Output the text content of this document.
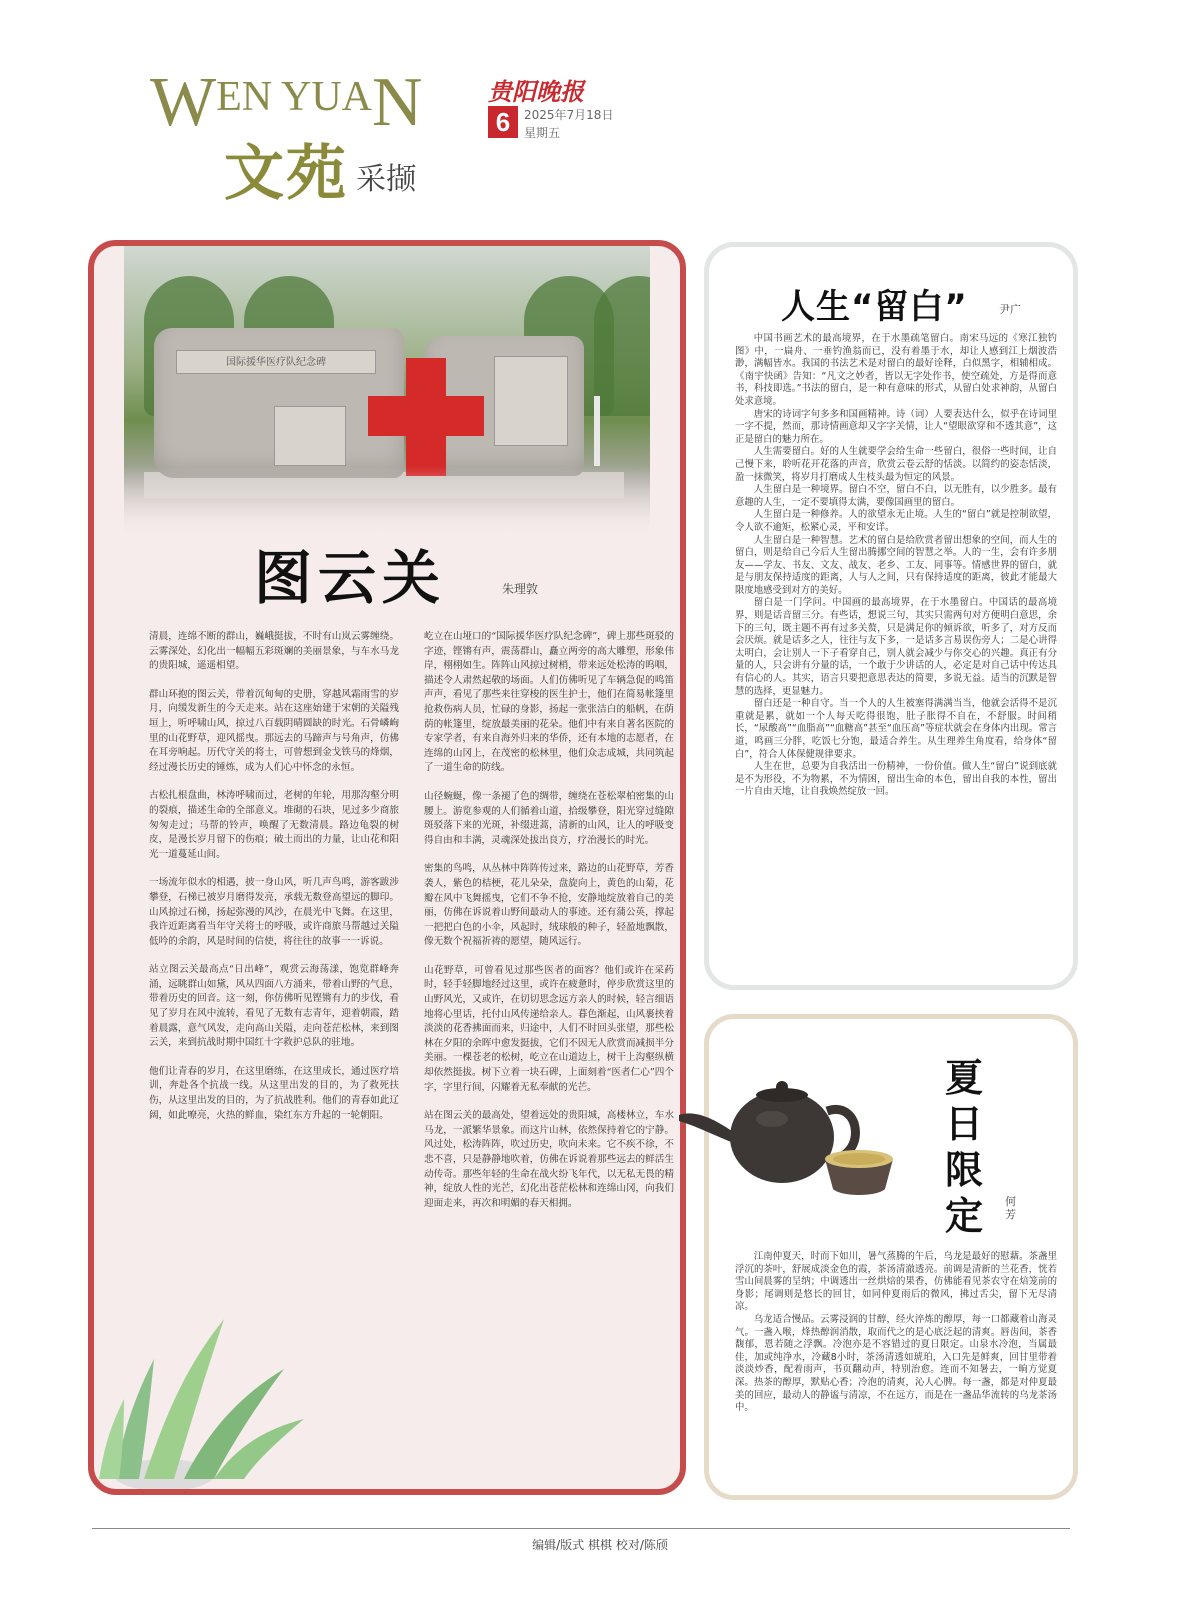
WEN YUAN
文苑 采撷
贵阳晚报
6	2025年7月18日
星期五
国际援华医疗队纪念碑
图云关	朱理敦

清晨，连绵不断的群山，巍峨挺拔，不时有山岚云雾缠绕。云雾深处，幻化出一幅幅五彩斑斓的美丽景象，与车水马龙的贵阳城，遥遥相望。

群山环抱的图云关，带着沉甸甸的史册，穿越风霜雨雪的岁月，向缓发新生的今天走来。站在这座始建于宋朝的关隘残垣上，听呼啸山风，掠过八百载阴晴圆缺的时光。石骨嶙峋里的山花野草，迎风摇曳。那远去的马蹄声与号角声，仿佛在耳旁响起。历代守关的将士，可曾想到金戈铁马的烽烟，经过漫长历史的锤炼，成为人们心中怀念的永恒。

古松扎根盘曲，林涛呼啸而过，老树的年轮，用那沟壑分明的裂痕，描述生命的全部意义。堆砌的石块，见过多少商旅匆匆走过；马帮的铃声，唤醒了无数清晨。路边龟裂的树皮，是漫长岁月留下的伤痕；破土而出的力量，让山花和阳光一道蔓延山间。

一场流年似水的相遇，披一身山风，听几声鸟鸣，游客跋涉攀登，石梯已被岁月磨得发亮，承载无数登高望远的脚印。山风掠过石梯，扬起弥漫的风沙，在晨光中飞舞。在这里，我许近距离看当年守关将士的呼吸，或许商旅马帮越过关隘低吟的余韵，风是时间的信使，将往往的故事一一诉说。

站立图云关最高点“日出峰”，观赏云海荡漾，饱览群峰奔涌，远眺群山如黛，风从四面八方涌来，带着山野的气息，带着历史的回音。这一刻，你仿佛听见铿锵有力的步伐，看见了岁月在风中流转，看见了无数有志青年，迎着朝霞，踏着晨露，意气风发，走向高山关隘，走向苍茫松林，来到图云关，来到抗战时期中国红十字救护总队的驻地。

他们让青春的岁月，在这里磨练，在这里成长，通过医疗培训，奔赴各个抗战一线。从这里出发的目的，为了救死扶伤，从这里出发的目的，为了抗战胜利。他们的青春如此辽阔，如此嘹亮，火热的鲜血，染红东方升起的一轮朝阳。

屹立在山垭口的“国际援华医疗队纪念碑”，碑上那些斑驳的字迹，铿锵有声，震荡群山，矗立两旁的高大雕塑，形象伟岸，栩栩如生。阵阵山风掠过树梢，带来远处松涛的呜咽，描述令人肃然起敬的场面。人们仿佛听见了车辆急促的鸣笛声声，看见了那些来往穿梭的医生护士，他们在简易帐篷里抢救伤病人员，忙碌的身影，扬起一张张洁白的船帆，在荫荫的帐篷里，绽放最美丽的花朵。他们中有来自著名医院的专家学者，有来自海外归来的华侨，还有本地的志愿者，在连绵的山冈上，在茂密的松林里，他们众志成城，共同筑起了一道生命的防线。

山径蜿蜒，像一条褪了色的绸带，缠绕在苍松翠柏密集的山腰上。游览参观的人们循着山道，拾级攀登，阳光穿过缝隙斑驳落下来的光斑，补缀进蒿，清新的山风，让人的呼吸变得自由和丰满，灵魂深处拔出良方，疗治漫长的时光。

密集的鸟鸣，从丛林中阵阵传过来，路边的山花野草，芳香袭人，紫色的桔梗，花儿朵朵，盘旋向上，黄色的山菊，花瓣在风中飞舞摇曳，它们不争不抢，安静地绽放着自己的美丽，仿佛在诉说着山野间最动人的事迹。还有蒲公英，撑起一把把白色的小伞，风起时，绒球般的种子，轻盈地飘散，像无数个祝福祈祷的愿望，随风远行。

山花野草，可曾看见过那些医者的面容？他们或许在采药时，轻手轻脚地经过这里，或许在疲惫时，停步欣赏这里的山野风光，又或许，在切切思念远方亲人的时候，轻言细语地将心里话，托付山风传递给亲人。暮色渐起，山风裹挟着淡淡的花香拂面而来，归途中，人们不时回头张望，那些松林在夕阳的余晖中愈发挺拔，它们不因无人欣赏而减损半分美丽。一棵苍老的松树，屹立在山道边上，树干上沟壑纵横却依然挺拔。树下立着一块石碑，上面刻着“医者仁心”四个字，字里行间，闪耀着无私奉献的光芒。

站在图云关的最高处，望着远处的贵阳城，高楼林立，车水马龙，一派繁华景象。而这片山林，依然保持着它的宁静。风过处，松涛阵阵，吹过历史，吹向未来。它不疾不徐，不悲不喜，只是静静地吹着，仿佛在诉说着那些远去的鲜活生动传奇。那些年轻的生命在战火纷飞年代，以无私无畏的精神，绽放人性的光芒，幻化出苍茫松林和连绵山冈，向我们迎面走来，再次和明媚的春天相拥。

人生“留白”	尹广

中国书画艺术的最高境界，在于水墨疏笔留白。南宋马远的《寒江独钓图》中，一扁舟、一垂钓渔翁而已，没有着墨于水，却让人感到江上烟波浩渺，满幅皆水。我国的书法艺术是对留白的最好诠释，白似黑字，相辅相成。《南宇快函》告知：“凡文之妙者，皆以无字处作书，使空疏处，方是得而意书，科技即选。”书法的留白，是一种有意味的形式，从留白处求神韵，从留白处求意境。

唐宋的诗词字句多多和国画精神。诗（词）人要表达什么，似乎在诗词里一字不提，然而，那诗情画意却又字字关情，让人“望眼欲穿和不透其意”，这正是留白的魅力所在。

人生需要留白。好的人生就要学会给生命一些留白，很俗一些时间，让自己慢下来，聆听花开花落的声音，欣赏云卷云舒的恬淡。以简约的姿态恬淡，盈一抹微笑，将岁月打磨成人生枝头最为恒定的风景。

人生留白是一种境界。留白不空，留白不白，以无胜有，以少胜多。最有意趣的人生，一定不要填得太满，要像国画里的留白。

人生留白是一种修养。人的欲望永无止境。人生的“留白”就是控制欲望，令人欲不逾矩，松紧心灵，平和安详。

人生留白是一种智慧。艺术的留白是给欣赏者留出想象的空间，而人生的留白，则是给自己今后人生留出腾挪空间的智慧之举。人的一生，会有许多朋友——学友、书友、文友、战友、老乡、工友、同事等。情感世界的留白，就是与朋友保持适度的距离，人与人之间，只有保持适度的距离，彼此才能最大限度地感受到对方的美好。

留白是一门学问。中国画的最高境界，在于水墨留白。中国话的最高境界，则是话音留三分。有些话，想说三句，其实只需两句对方便明白意思，余下的三句，既主题不再有过多关赘，只是满足你的倾诉欲，听多了，对方反而会厌烦。就是话多之人，往往与友下多，一是话多言易误伤旁人；二是心讲得太明白，会让别人一下子看穿自己，别人就会减少与你交心的兴趣。真正有分量的人，只会讲有分量的话，一个敢于少讲话的人，必定是对自己话中传达具有信心的人。其实，语言只要把意思表达的简要，多说无益。适当的沉默是智慧的选择，更显魅力。

留白还是一种自守。当一个人的人生被塞得满满当当，他就会活得不是沉重就是累，就如一个人每天吃得很饱，肚子胀得不自在，不舒服。时间稍长，“尿酸高”“血脂高”“血糖高”甚至“血压高”等症状就会在身体内出现。常言道，鸣画三分胖，吃饭七分饱，最适合养生。从生理养生角度看，给身体“留白”，符合人体保健规律要求。

人生在世，总要为自我活出一份精神，一份价值。做人生“留白”说到底就是不为形役，不为物累，不为情困，留出生命的本色，留出自我的本性，留出一片自由天地，让自我焕然绽放一回。

夏日限定 何芳

江南仲夏天，时而下如川，暑气蒸腾的午后，乌龙是最好的慰藉。茶盏里浮沉的茶叶，舒展成淡金色的霞，茶汤清澈透亮。前调是清新的兰花香，恍若雪山间晨雾的呈纳；中调透出一丝烘焙的果香，仿佛能看见茶农守在焙笼前的身影；尾调则是悠长的回甘，如同仲夏雨后的微风，拂过舌尖，留下无尽清凉。

乌龙适合慢品。云雾浸润的甘醇，经火淬炼的醇厚，每一口都藏着山海灵气。一盏入喉，烽热醇润消散，取而代之的是心底泛起的清爽。唇齿间，茶香馥郁，恩若随之浮飘。冷泡亦是不容错过的夏日限定。山泉水冷泡，当属最佳，加或纯净水，冷藏8小时，茶汤清透如琥珀，入口先是鲜爽，回甘里带着淡淡炒香，配着雨声，书页翻动声，特别治愈。连而不知暑去，一晌方觉夏深。热茶的醇厚，默贴心香；冷泡的清爽，沁人心脾。每一盏，都是对仲夏最美的回应，最动人的静谧与清凉，不在远方，而是在一盏品华流转的乌龙茶汤中。

编辑/版式 棋棋 校对/陈颀
